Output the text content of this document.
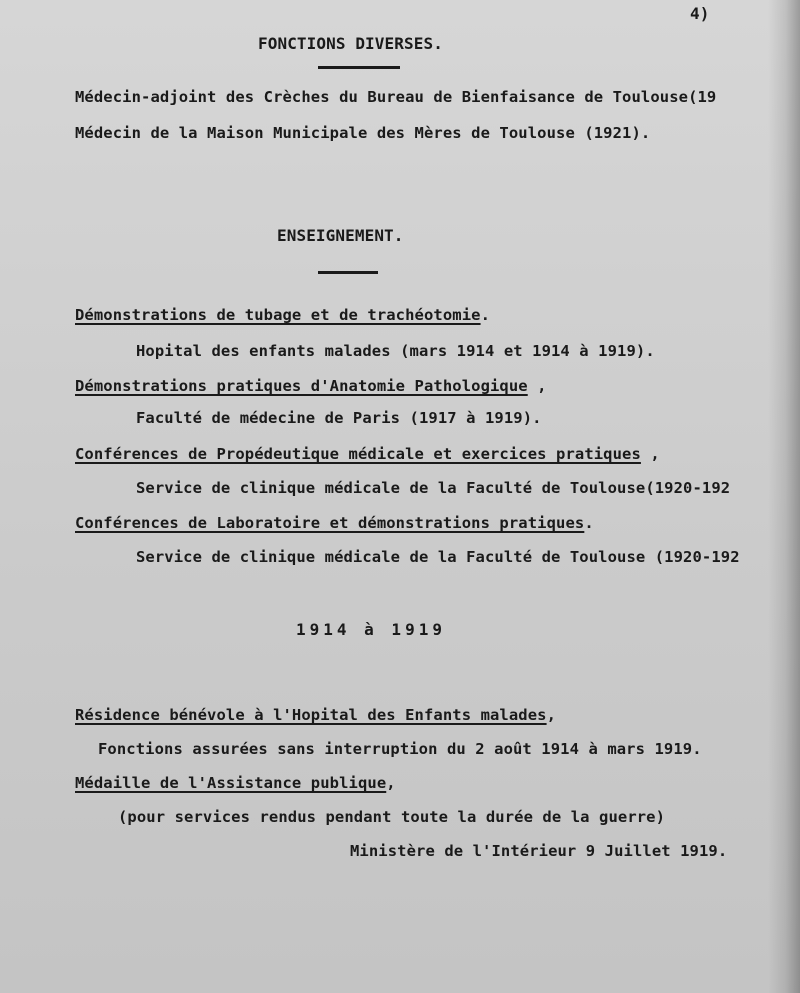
4)
FONCTIONS DIVERSES.
Médecin-adjoint des Crèches du Bureau de Bienfaisance de Toulouse(19
Médecin de la Maison Municipale des Mères de Toulouse (1921).
ENSEIGNEMENT.
Démonstrations de tubage et de trachéotomie.
Hopital des enfants malades (mars 1914 et 1914 à 1919).
Démonstrations pratiques d'Anatomie Pathologique ,
Faculté de médecine de Paris (1917 à 1919).
Conférences de Propédeutique médicale et exercices pratiques ,
Service de clinique médicale de la Faculté de Toulouse(1920-192
Conférences de Laboratoire et démonstrations pratiques.
Service de clinique médicale de la Faculté de Toulouse (1920-192
1914 à 1919
Résidence bénévole à l'Hopital des Enfants malades,
Fonctions assurées sans interruption du 2 août 1914 à mars 1919.
Médaille de l'Assistance publique,
(pour services rendus pendant toute la durée de la guerre)
Ministère de l'Intérieur 9 Juillet 1919.
